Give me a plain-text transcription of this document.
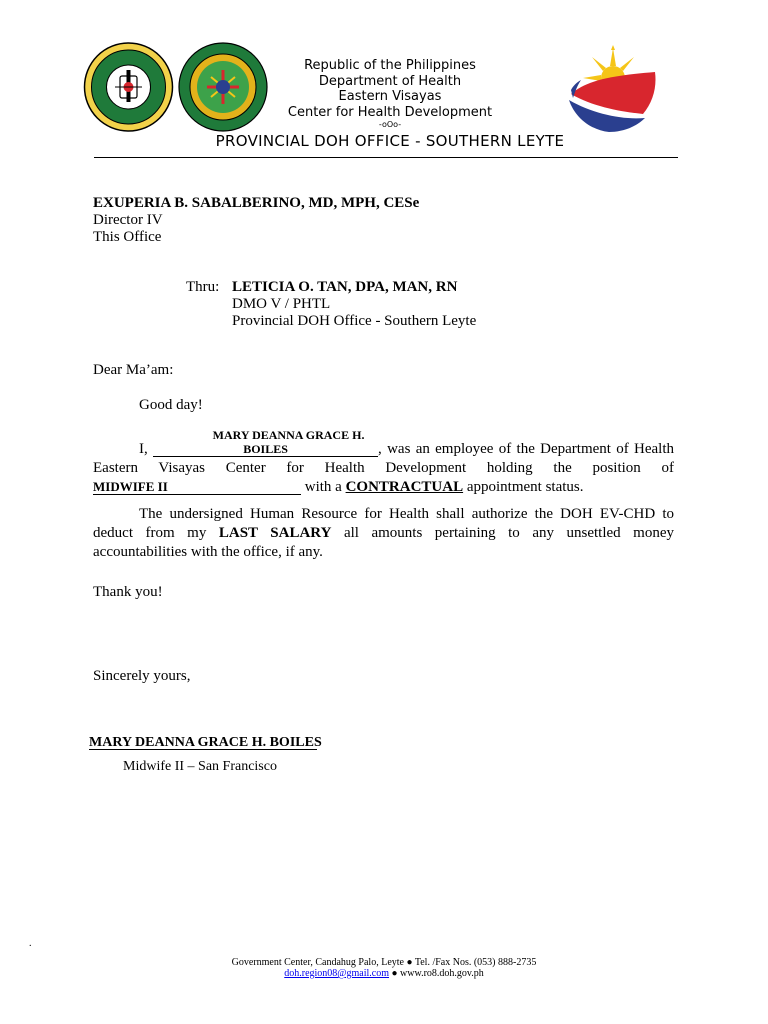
Republic of the Philippines
Department of Health
Eastern Visayas
Center for Health Development
-oOo-
PROVINCIAL DOH OFFICE - SOUTHERN LEYTE
EXUPERIA B. SABALBERINO, MD, MPH, CESe
Director IV
This Office
Thru: LETICIA O. TAN, DPA, MAN, RN
DMO V / PHTL
Provincial DOH Office - Southern Leyte
Dear Ma’am:
Good day!
I, MARY DEANNA GRACE H. BOILES	, was an employee of the Department of Health Eastern Visayas Center for Health Development holding the position of MIDWIFE II	with a CONTRACTUAL appointment status.
The undersigned Human Resource for Health shall authorize the DOH EV-CHD to deduct from my LAST SALARY all amounts pertaining to any unsettled money accountabilities with the office, if any.
Thank you!
Sincerely yours,
MARY DEANNA GRACE H. BOILES
Midwife II – San Francisco
.
Government Center, Candahug Palo, Leyte ● Tel. /Fax Nos. (053) 888-2735
doh.region08@gmail.com ● www.ro8.doh.gov.ph
